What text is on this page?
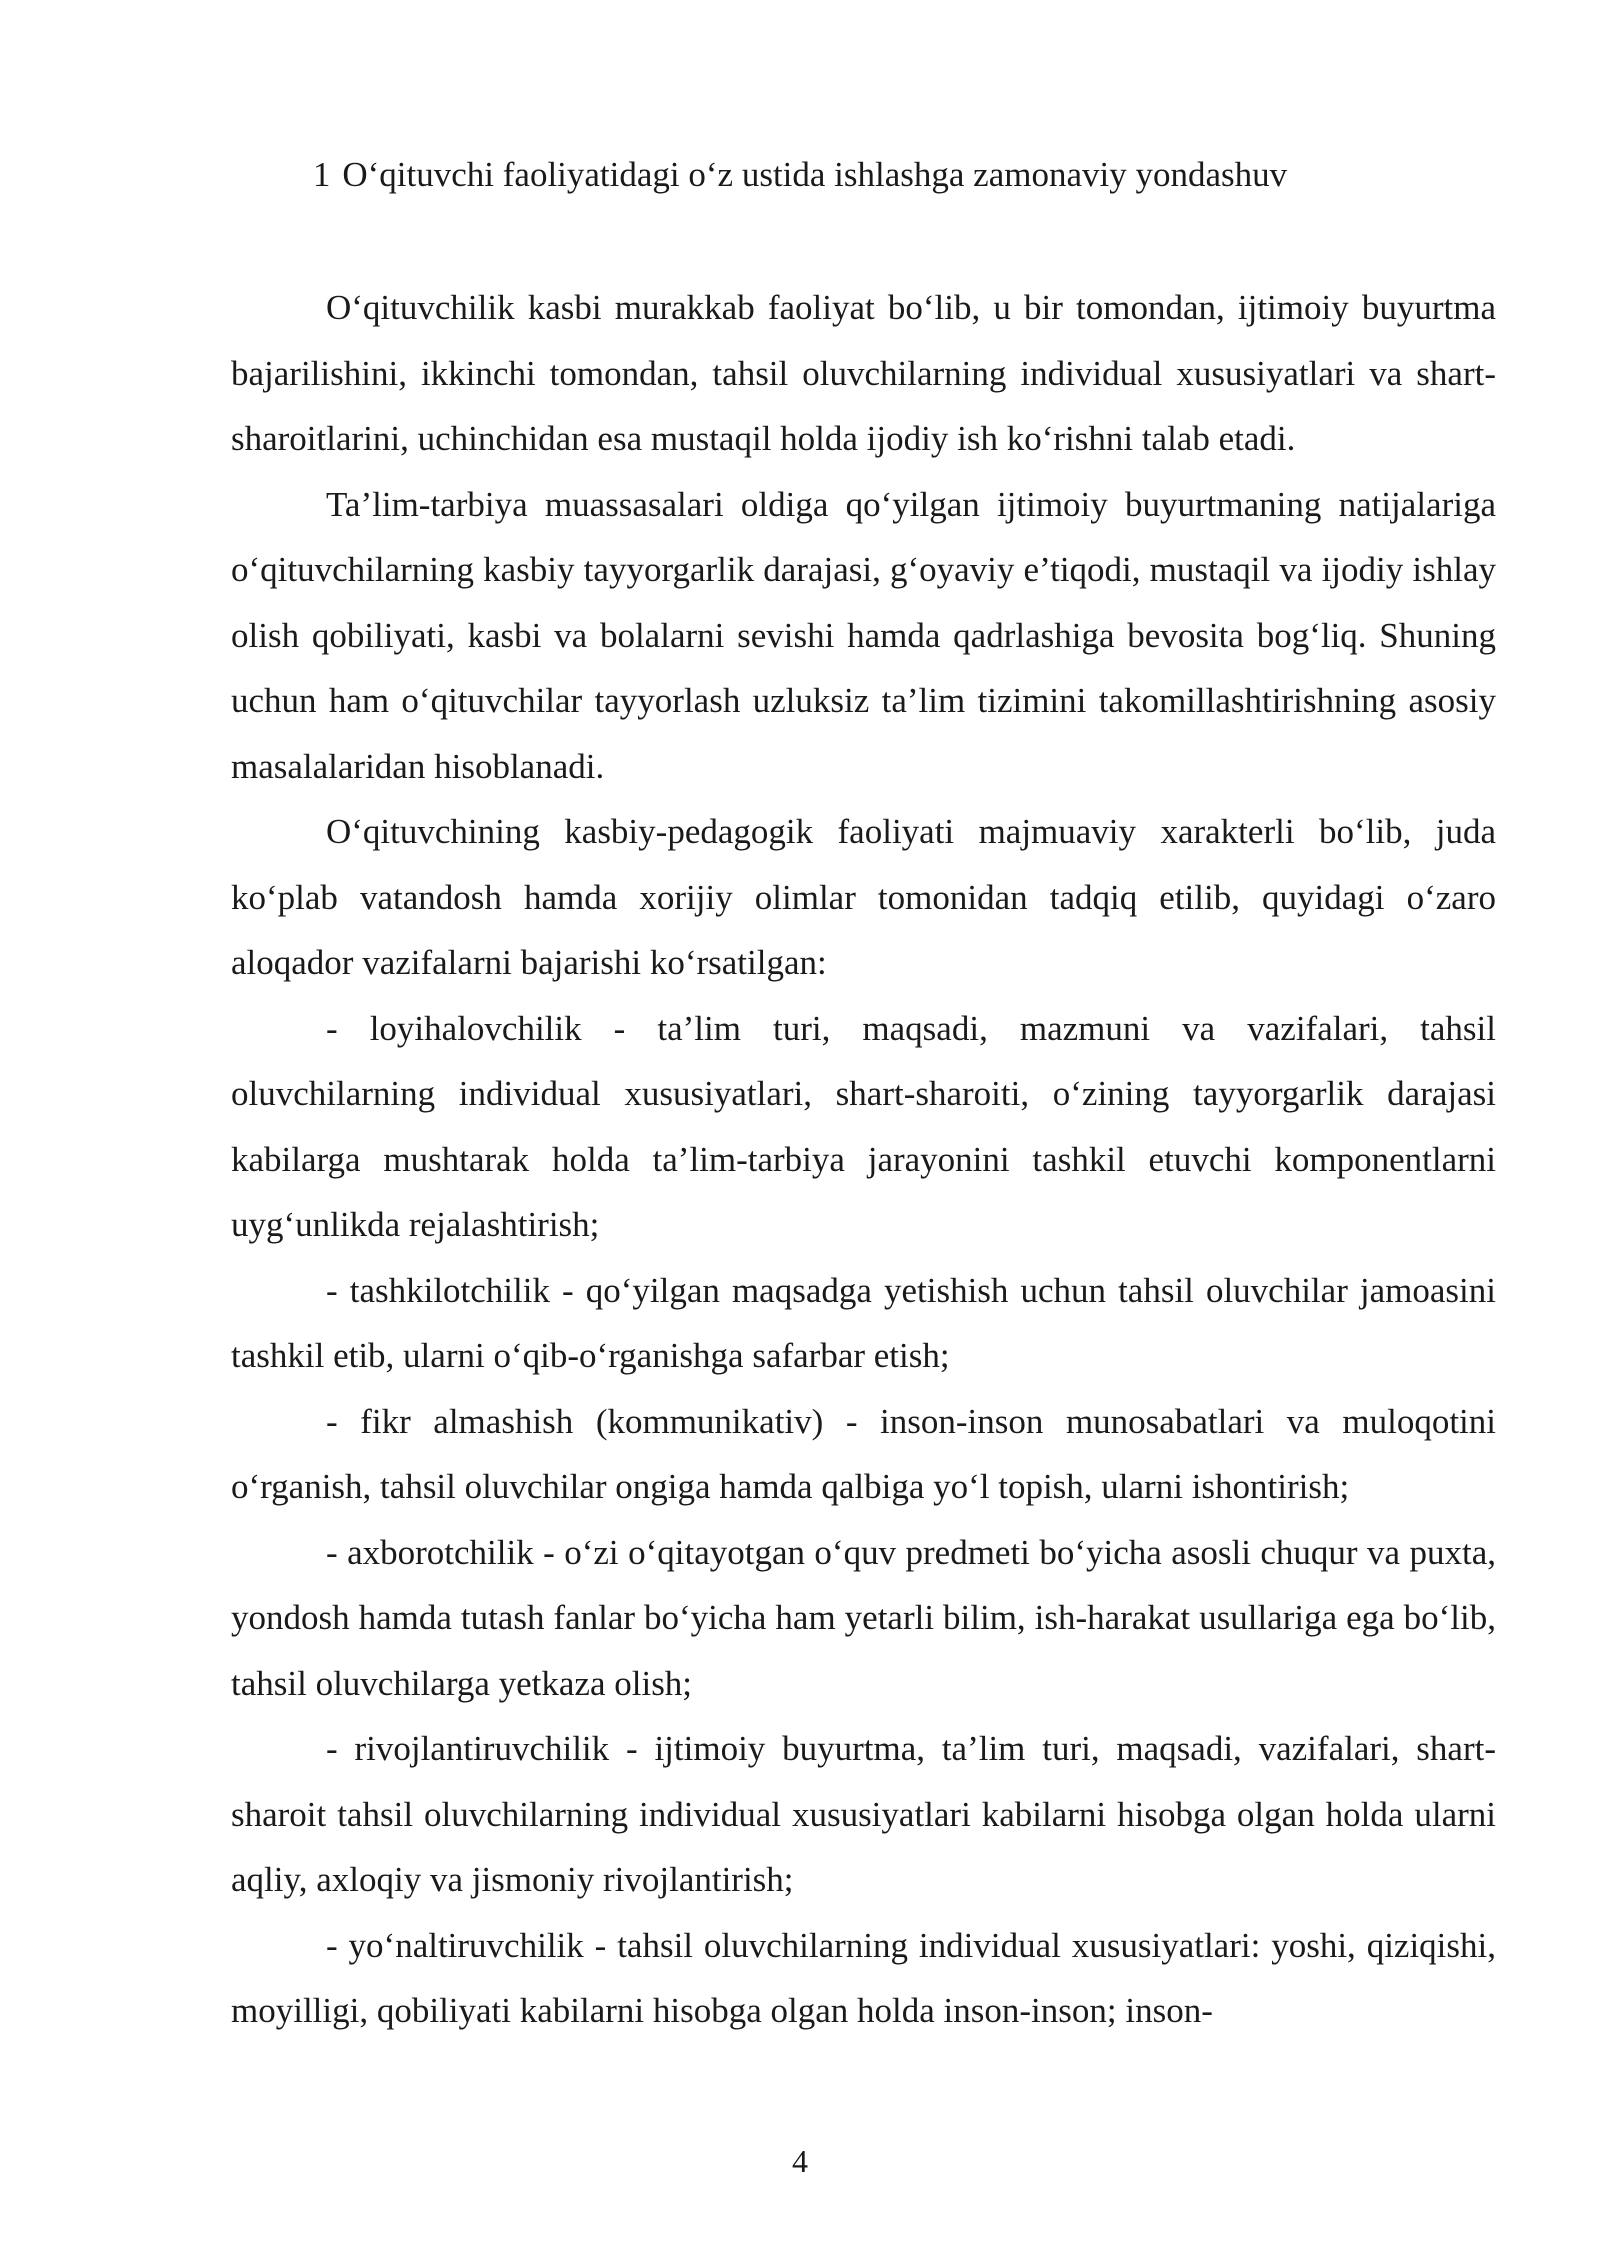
1 O‘qituvchi faoliyatidagi o‘z ustida ishlashga zamonaviy yondashuv

O‘qituvchilik kasbi murakkab faoliyat bo‘lib, u bir tomondan, ijtimoiy buyurtma bajarilishini, ikkinchi tomondan, tahsil oluvchilarning individual xususiyatlari va shart-sharoitlarini, uchinchidan esa mustaqil holda ijodiy ish ko‘rishni talab etadi.

Ta’lim-tarbiya muassasalari oldiga qo‘yilgan ijtimoiy buyurtmaning natijalariga o‘qituvchilarning kasbiy tayyorgarlik darajasi, g‘oyaviy e’tiqodi, mustaqil va ijodiy ishlay olish qobiliyati, kasbi va bolalarni sevishi hamda qadrlashiga bevosita bog‘liq. Shuning uchun ham o‘qituvchilar tayyorlash uzluksiz ta’lim tizimini takomillashtirishning asosiy masalalaridan hisoblanadi.

O‘qituvchining kasbiy-pedagogik faoliyati majmuaviy xarakterli bo‘lib, juda ko‘plab vatandosh hamda xorijiy olimlar tomonidan tadqiq etilib, quyidagi o‘zaro aloqador vazifalarni bajarishi ko‘rsatilgan:

- loyihalovchilik - ta’lim turi, maqsadi, mazmuni va vazifalari, tahsil oluvchilarning individual xususiyatlari, shart-sharoiti, o‘zining tayyorgarlik darajasi kabilarga mushtarak holda ta’lim-tarbiya jarayonini tashkil etuvchi komponentlarni uyg‘unlikda rejalashtirish;

- tashkilotchilik - qo‘yilgan maqsadga yetishish uchun tahsil oluvchilar jamoasini tashkil etib, ularni o‘qib-o‘rganishga safarbar etish;

- fikr almashish (kommunikativ) - inson-inson munosabatlari va muloqotini o‘rganish, tahsil oluvchilar ongiga hamda qalbiga yo‘l topish, ularni ishontirish;

- axborotchilik - o‘zi o‘qitayotgan o‘quv predmeti bo‘yicha asosli chuqur va puxta, yondosh hamda tutash fanlar bo‘yicha ham yetarli bilim, ish-harakat usullariga ega bo‘lib, tahsil oluvchilarga yetkaza olish;

- rivojlantiruvchilik - ijtimoiy buyurtma, ta’lim turi, maqsadi, vazifalari, shart-sharoit tahsil oluvchilarning individual xususiyatlari kabilarni hisobga olgan holda ularni aqliy, axloqiy va jismoniy rivojlantirish;

- yo‘naltiruvchilik - tahsil oluvchilarning individual xususiyatlari: yoshi, qiziqishi, moyilligi, qobiliyati kabilarni hisobga olgan holda inson-inson; inson-

4
